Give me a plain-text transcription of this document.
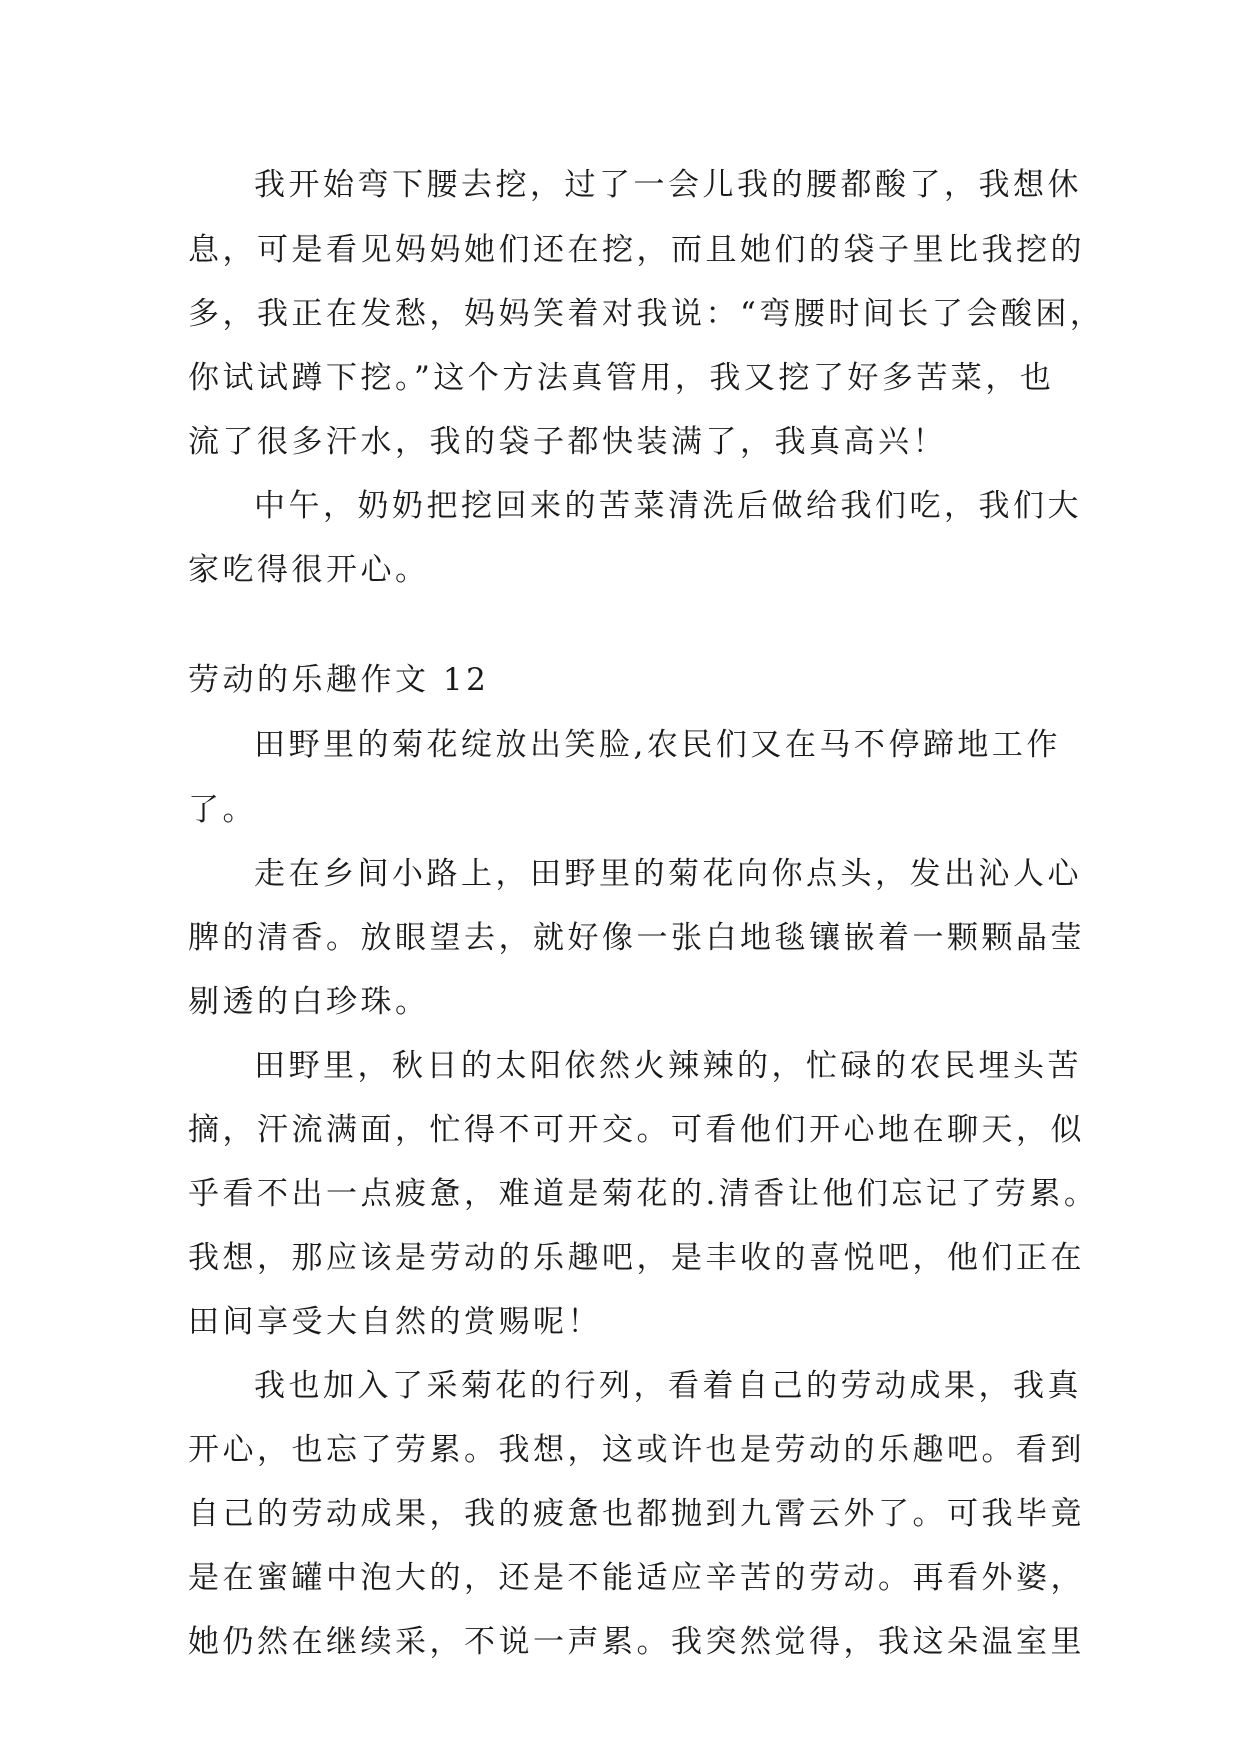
我开始弯下腰去挖，过了一会儿我的腰都酸了，我想休

息，可是看见妈妈她们还在挖，而且她们的袋子里比我挖的

多，我正在发愁，妈妈笑着对我说：“弯腰时间长了会酸困，

你试试蹲下挖。”这个方法真管用，我又挖了好多苦菜，也

流了很多汗水，我的袋子都快装满了，我真高兴！

中午，奶奶把挖回来的苦菜清洗后做给我们吃，我们大

家吃得很开心。

劳动的乐趣作文 12

田野里的菊花绽放出笑脸,农民们又在马不停蹄地工作

了。

走在乡间小路上，田野里的菊花向你点头，发出沁人心

脾的清香。放眼望去，就好像一张白地毯镶嵌着一颗颗晶莹

剔透的白珍珠。

田野里，秋日的太阳依然火辣辣的，忙碌的农民埋头苦

摘，汗流满面，忙得不可开交。可看他们开心地在聊天，似

乎看不出一点疲惫，难道是菊花的.清香让他们忘记了劳累。

我想，那应该是劳动的乐趣吧，是丰收的喜悦吧，他们正在

田间享受大自然的赏赐呢！

我也加入了采菊花的行列，看着自己的劳动成果，我真

开心，也忘了劳累。我想，这或许也是劳动的乐趣吧。看到

自己的劳动成果，我的疲惫也都抛到九霄云外了。可我毕竟

是在蜜罐中泡大的，还是不能适应辛苦的劳动。再看外婆，

她仍然在继续采，不说一声累。我突然觉得，我这朵温室里
